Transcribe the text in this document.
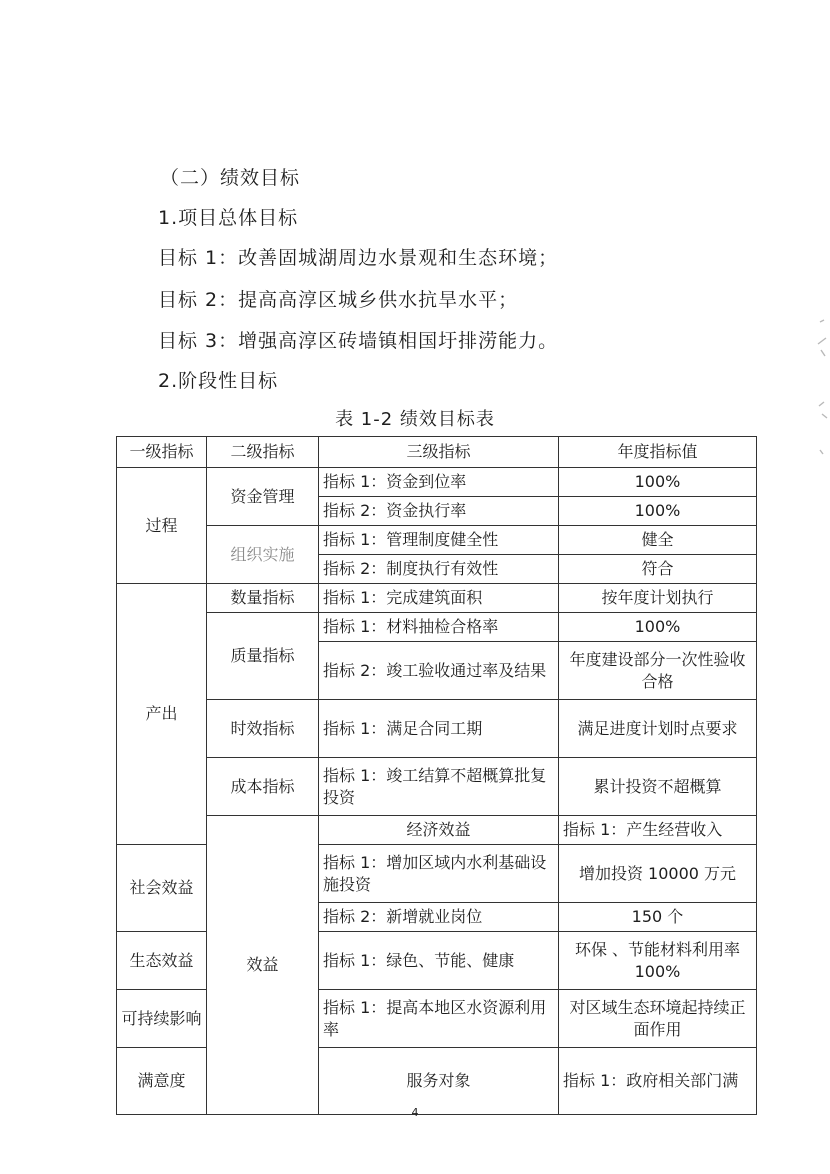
（二）绩效目标
1.项目总体目标
目标 1：改善固城湖周边水景观和生态环境；
目标 2：提高高淳区城乡供水抗旱水平；
目标 3：增强高淳区砖墙镇相国圩排涝能力。
2.阶段性目标
表 1-2 绩效目标表
一级指标	二级指标	三级指标	年度指标值	
过程	资金管理	指标 1：资金到位率	100%	
		指标 2：资金执行率	100%	
	组织实施	指标 1：管理制度健全性	健全	
		指标 2：制度执行有效性	符合	
产出	数量指标	指标 1：完成建筑面积	按年度计划执行	
	质量指标	指标 1：材料抽检合格率	100%	
		指标 2：竣工验收通过率及结果	年度建设部分一次性验收合格	
	时效指标	指标 1：满足合同工期	满足进度计划时点要求	
	成本指标	指标 1：竣工结算不超概算批复投资	累计投资不超概算	
	效益	经济效益	指标 1：产生经营收入	
社会效益		指标 1：增加区域内水利基础设施投资	增加投资 10000 万元	
		指标 2：新增就业岗位	150 个	
生态效益		指标 1：绿色、节能、健康	环保 、节能材料利用率 100%	
可持续影响		指标 1：提高本地区水资源利用率	对区域生态环境起持续正面作用	
满意度		服务对象	指标 1：政府相关部门满	
4
